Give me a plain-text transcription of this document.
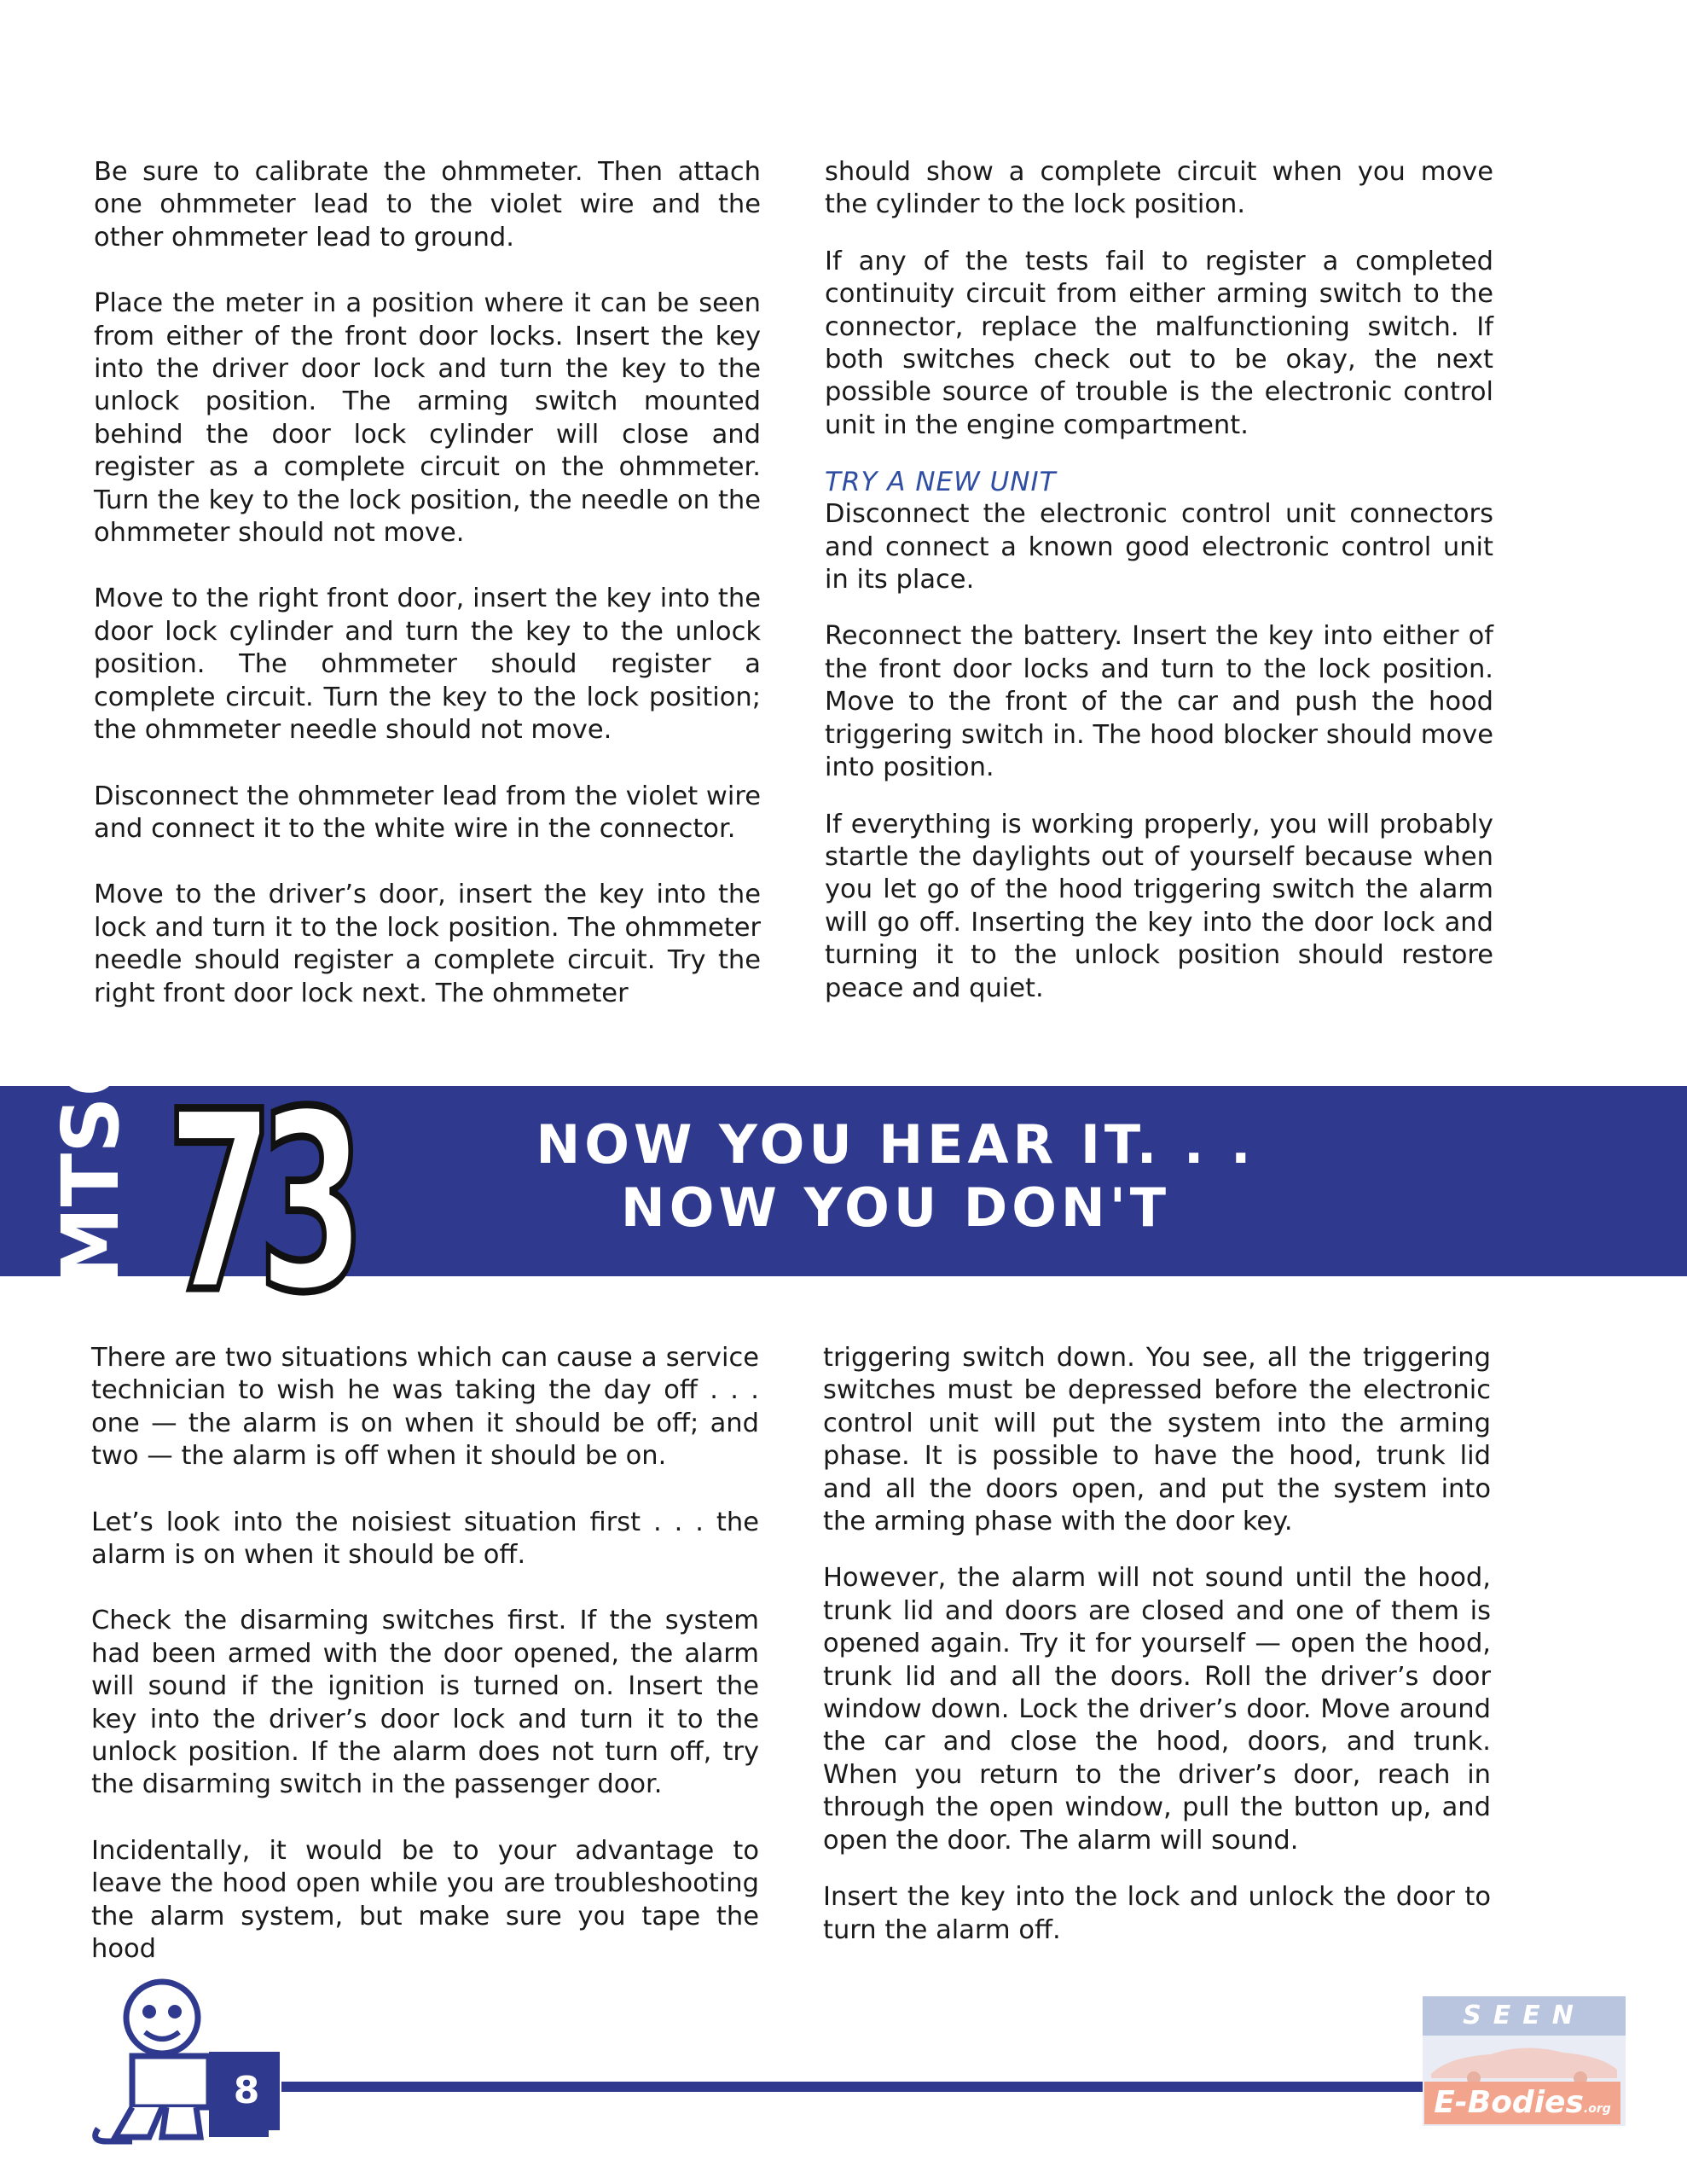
Be sure to calibrate the ohmmeter. Then attach one ohmmeter lead to the violet wire and the other ohmmeter lead to ground.

Place the meter in a position where it can be seen from either of the front door locks. Insert the key into the driver door lock and turn the key to the unlock position. The arming switch mounted behind the door lock cylinder will close and register as a complete circuit on the ohmmeter. Turn the key to the lock position, the needle on the ohmmeter should not move.

Move to the right front door, insert the key into the door lock cylinder and turn the key to the unlock position. The ohmmeter should register a complete circuit. Turn the key to the lock position; the ohmmeter needle should not move.

Disconnect the ohmmeter lead from the violet wire and connect it to the white wire in the connector.

Move to the driver’s door, insert the key into the lock and turn it to the lock position. The ohmmeter needle should register a complete circuit. Try the right front door lock next. The ohmmeter

should show a complete circuit when you move the cylinder to the lock position.

If any of the tests fail to register a completed continuity circuit from either arming switch to the connector, replace the malfunctioning switch. If both switches check out to be okay, the next possible source of trouble is the electronic control unit in the engine compartment.

TRY A NEW UNIT

Disconnect the electronic control unit connectors and connect a known good electronic control unit in its place.

Reconnect the battery. Insert the key into either of the front door locks and turn to the lock position. Move to the front of the car and push the hood triggering switch in. The hood blocker should move into position.

If everything is working properly, you will probably startle the daylights out of yourself because when you let go of the hood triggering switch the alarm will go off. Inserting the key into the door lock and turning it to the unlock position should restore peace and quiet.

MTSC 73	NOW YOU HEAR IT. . .
NOW YOU DON'T

There are two situations which can cause a service technician to wish he was taking the day off . . . one — the alarm is on when it should be off; and two — the alarm is off when it should be on.

Let’s look into the noisiest situation first . . . the alarm is on when it should be off.

Check the disarming switches first. If the system had been armed with the door opened, the alarm will sound if the ignition is turned on. Insert the key into the driver’s door lock and turn it to the unlock position. If the alarm does not turn off, try the disarming switch in the passenger door.

Incidentally, it would be to your advantage to leave the hood open while you are troubleshooting the alarm system, but make sure you tape the hood

triggering switch down. You see, all the triggering switches must be depressed before the electronic control unit will put the system into the arming phase. It is possible to have the hood, trunk lid and all the doors open, and put the system into the arming phase with the door key.

However, the alarm will not sound until the hood, trunk lid and doors are closed and one of them is opened again. Try it for yourself — open the hood, trunk lid and all the doors. Roll the driver’s door window down. Lock the driver’s door. Move around the car and close the hood, doors, and trunk. When you return to the driver’s door, reach in through the open window, pull the button up, and open the door. The alarm will sound.

Insert the key into the lock and unlock the door to turn the alarm off.

8
SEEN
E-Bodies.org
